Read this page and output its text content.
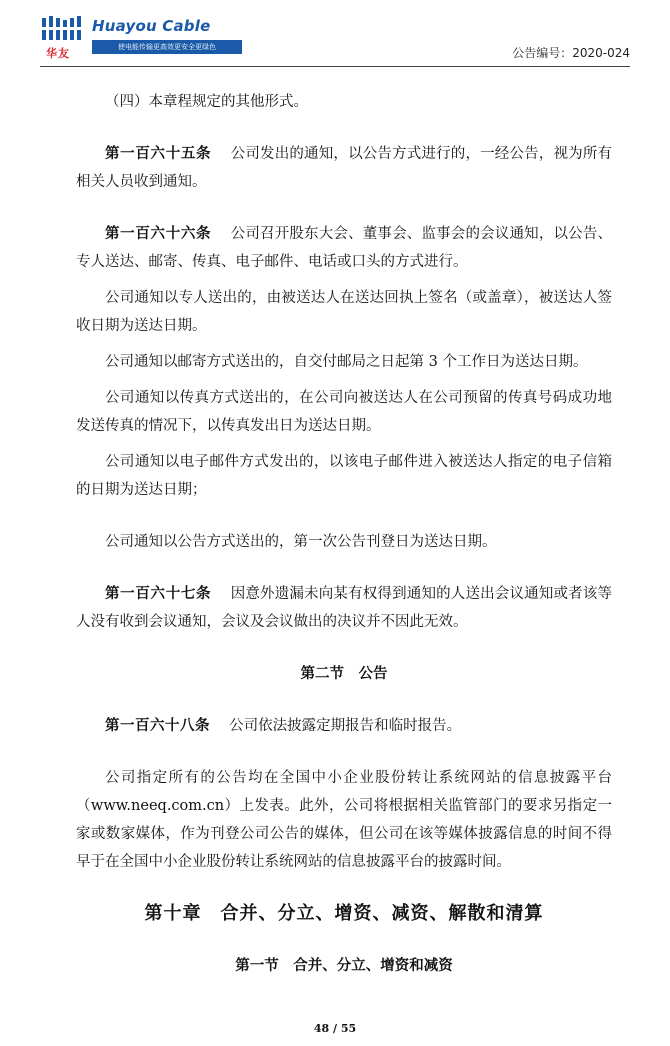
华友
Huayou Cable
使电能传输更高效更安全更绿色	公告编号：2020-024

（四）本章程规定的其他形式。

第一百六十五条　 公司发出的通知，以公告方式进行的，一经公告，视为所有相关人员收到通知。

第一百六十六条　 公司召开股东大会、董事会、监事会的会议通知，以公告、专人送达、邮寄、传真、电子邮件、电话或口头的方式进行。

公司通知以专人送出的，由被送达人在送达回执上签名（或盖章），被送达人签收日期为送达日期。

公司通知以邮寄方式送出的，自交付邮局之日起第 3 个工作日为送达日期。

公司通知以传真方式送出的，在公司向被送达人在公司预留的传真号码成功地发送传真的情况下，以传真发出日为送达日期。

公司通知以电子邮件方式发出的，以该电子邮件进入被送达人指定的电子信箱的日期为送达日期；

公司通知以公告方式送出的，第一次公告刊登日为送达日期。

第一百六十七条　 因意外遗漏未向某有权得到通知的人送出会议通知或者该等人没有收到会议通知，会议及会议做出的决议并不因此无效。

第二节　公告

第一百六十八条　 公司依法披露定期报告和临时报告。

公司指定所有的公告均在全国中小企业股份转让系统网站的信息披露平台（www.neeq.com.cn）上发表。此外，公司将根据相关监管部门的要求另指定一家或数家媒体，作为刊登公司公告的媒体，但公司在该等媒体披露信息的时间不得早于在全国中小企业股份转让系统网站的信息披露平台的披露时间。

第十章　合并、分立、增资、减资、解散和清算

第一节　合并、分立、增资和减资

48 / 55
